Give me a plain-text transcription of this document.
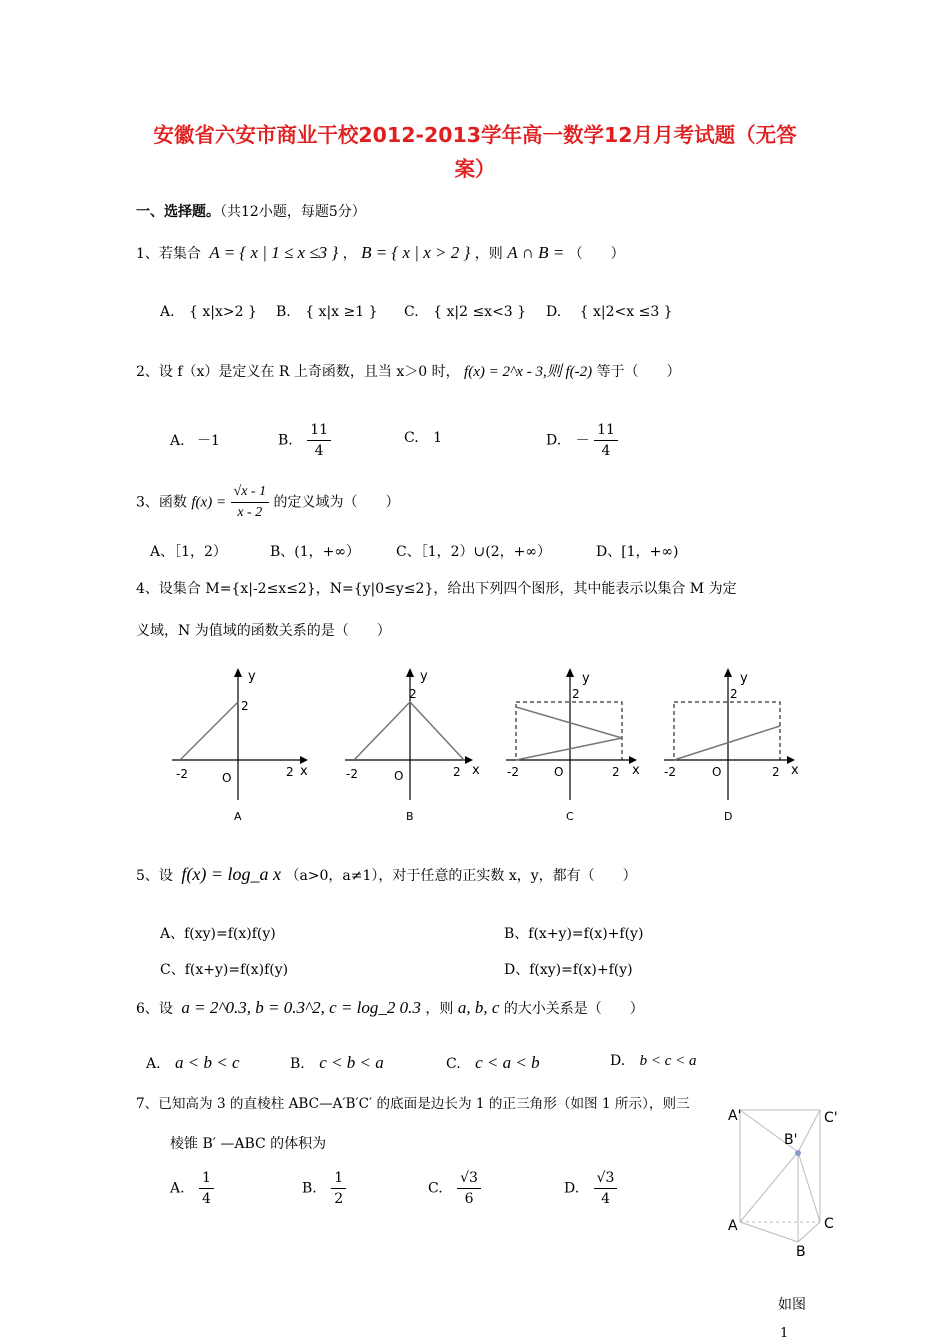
安徽省六安市商业干校2012-2013学年高一数学12月月考试题（无答
案）
一、选择题。（共12小题，每题5分）
1、若集合 A = { x | 1 ≤ x ≤3 } ， B = { x | x > 2 } ，则 A ∩ B = （　　）
A. { x|x>2 } B. { x|x ≥1 } C. { x|2 ≤x<3 } D. { x|2<x ≤3 }
2、设 f（x）是定义在 R 上奇函数，且当 x＞0 时， f(x) = 2^x - 3,则 f(-2) 等于（　　）
A. －1	B. $\frac{11}{4}$	C. 1	D. － $\frac{11}{4}$
3、函数 $f(x) = \frac{√x - 1}{x - 2}$ 的定义域为（　　）
A、［1，2）	B、(1，+∞）	C、［1，2）∪(2，+∞）	D、[1，+∞)
4、设集合 M={x|-2≤x≤2}，N={y|0≤y≤2}，给出下列四个图形，其中能表示以集合 M 为定
义域，N 为值域的函数关系的是（　　）
y
2
-2	O	2 x
A
y
2
-2	O	2 x
B
y
2
-2	O	2 x
C
y
2
-2	O	2 x
D
5、设 f(x) = log_a x （a>0，a≠1），对于任意的正实数 x，y，都有（　　）
A、f(xy)=f(x)f(y)	B、f(x+y)=f(x)+f(y)
C、f(x+y)=f(x)f(y)	D、f(xy)=f(x)+f(y)
6、设 a = 2^0.3, b = 0.3^2, c = log_2 0.3 ，则 a, b, c 的大小关系是（　　）
A. a < b < c	B. c < b < a	C. c < a < b	D. b < c < a
7、已知高为 3 的直棱柱 ABC—A′B′C′ 的底面是边长为 1 的正三角形（如图 1 所示），则三
棱锥 B′ —ABC 的体积为
A. $\frac{1}{4}$	B. $\frac{1}{2}$	C. $\frac{√3}{6}$	D. $\frac{√3}{4}$
A'	C'
B'
A	C
B
如图
1
